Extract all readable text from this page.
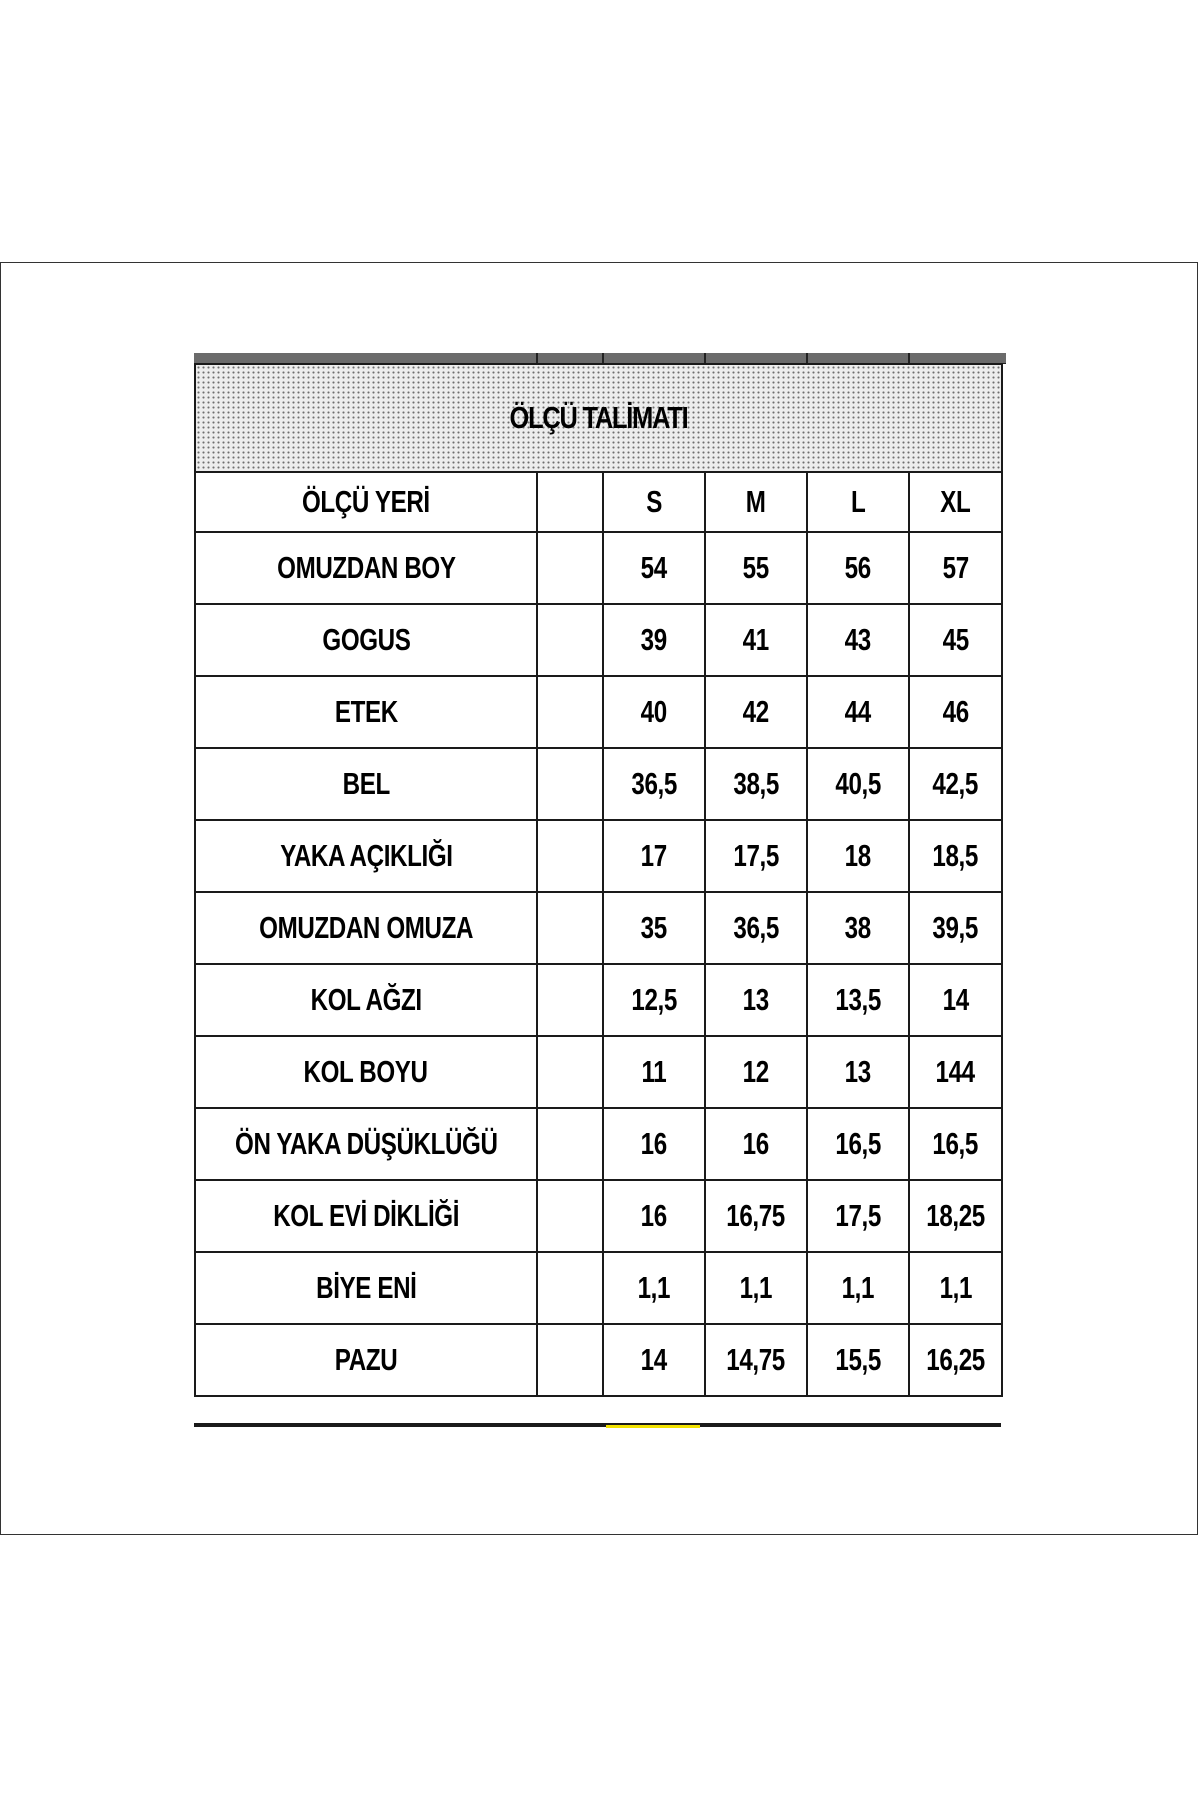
ÖLÇÜ TALİMATI					
ÖLÇÜ YERİ		S	M	L	XL
OMUZDAN BOY		54	55	56	57
GOGUS		39	41	43	45
ETEK		40	42	44	46
BEL		36,5	38,5	40,5	42,5
YAKA AÇIKLIĞI		17	17,5	18	18,5
OMUZDAN OMUZA		35	36,5	38	39,5
KOL AĞZI		12,5	13	13,5	14
KOL BOYU		11	12	13	144
ÖN YAKA DÜŞÜKLÜĞÜ		16	16	16,5	16,5
KOL EVİ DİKLİĞİ		16	16,75	17,5	18,25
BİYE ENİ		1,1	1,1	1,1	1,1
PAZU		14	14,75	15,5	16,25
